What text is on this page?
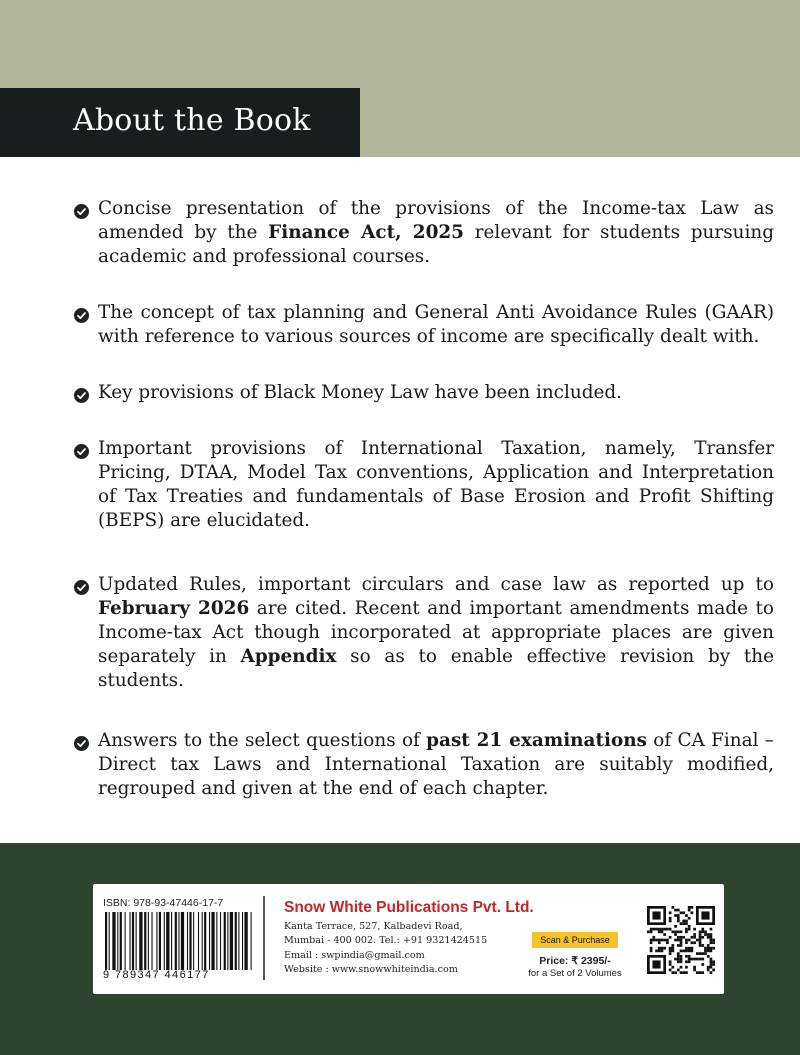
About the Book
Concise presentation of the provisions of the Income-tax Law as amended by the Finance Act, 2025 relevant for students pursuing academic and professional courses.
The concept of tax planning and General Anti Avoidance Rules (GAAR) with reference to various sources of income are specifically dealt with.
Key provisions of Black Money Law have been included.
Important provisions of International Taxation, namely, Transfer Pricing, DTAA, Model Tax conventions, Application and Interpretation of Tax Treaties and fundamentals of Base Erosion and Profit Shifting (BEPS) are elucidated.
Updated Rules, important circulars and case law as reported up to February 2026 are cited. Recent and important amendments made to Income-tax Act though incorporated at appropriate places are given separately in Appendix so as to enable effective revision by the students.
Answers to the select questions of past 21 examinations of CA Final – Direct tax Laws and International Taxation are suitably modified, regrouped and given at the end of each chapter.
ISBN: 978-93-47446-17-7
9 789347 446177
Snow White Publications Pvt. Ltd.
Kanta Terrace, 527, Kalbadevi Road,
Mumbai - 400 002. Tel.: +91 9321424515
Email : swpindia@gmail.com
Website : www.snowwhiteindia.com
Scan & Purchase
Price: ₹ 2395/-
for a Set of 2 Volumes
